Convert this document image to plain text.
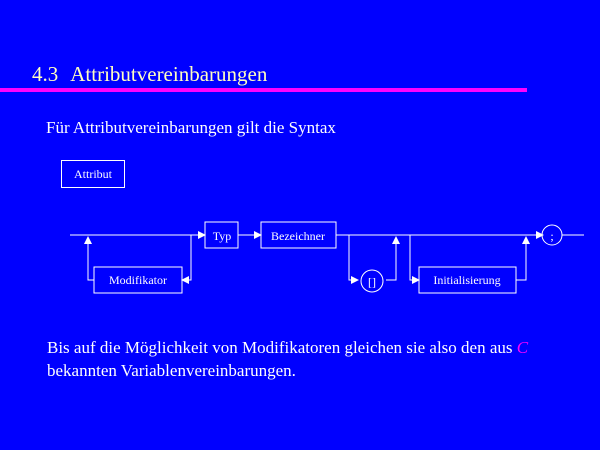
4.3 Attributvereinbarungen
Für Attributvereinbarungen gilt die Syntax
Attribut
Modifikator
Typ	Bezeichner
[]	Initialisierung
;
Bis auf die Möglichkeit von Modifikatoren gleichen sie also den aus C bekannten Variablenvereinbarungen.
